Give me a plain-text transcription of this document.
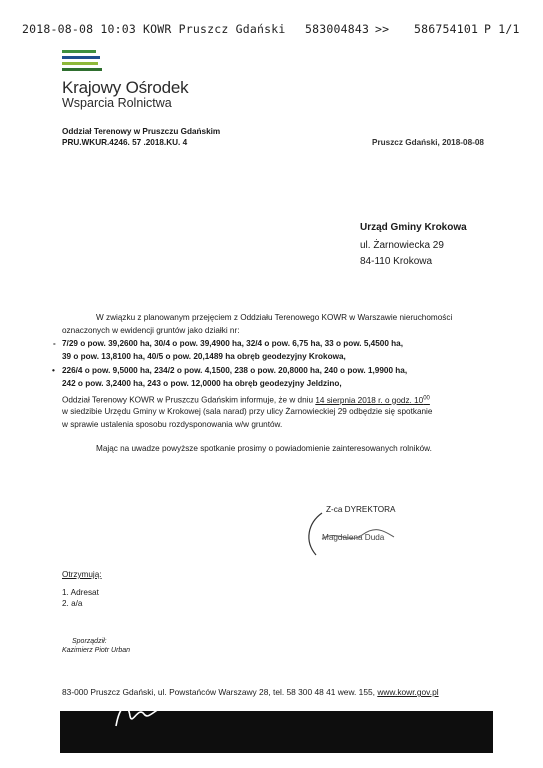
2018-08-08 10:03 KOWR Pruszcz Gdański 583004843 >> 586754101 P 1/1
Krajowy Ośrodek
Wsparcia Rolnictwa
Oddział Terenowy w Pruszczu Gdańskim
PRU.WKUR.4246. 57 .2018.KU. 4	Pruszcz Gdański, 2018-08-08
Urząd Gminy Krokowa
ul. Żarnowiecka 29
84-110 Krokowa
W związku z planowanym przejęciem z Oddziału Terenowego KOWR w Warszawie nieruchomości
oznaczonych w ewidencji gruntów jako działki nr:
- 7/29 o pow. 39,2600 ha, 30/4 o pow. 39,4900 ha, 32/4 o pow. 6,75 ha, 33 o pow. 5,4500 ha,
39 o pow. 13,8100 ha, 40/5 o pow. 20,1489 ha obręb geodezyjny Krokowa,
• 226/4 o pow. 9,5000 ha, 234/2 o pow. 4,1500, 238 o pow. 20,8000 ha, 240 o pow. 1,9900 ha,
242 o pow. 3,2400 ha, 243 o pow. 12,0000 ha obręb geodezyjny Jeldzino,
Oddział Terenowy KOWR w Pruszczu Gdańskim informuje, że w dniu 14 sierpnia 2018 r. o godz. $10^{00}$
w siedzibie Urzędu Gminy w Krokowej (sala narad) przy ulicy Żarnowieckiej 29 odbędzie się spotkanie
w sprawie ustalenia sposobu rozdysponowania w/w gruntów.
Mając na uwadze powyższe spotkanie prosimy o powiadomienie zainteresowanych rolników.
Z-ca DYREKTORA
Magdalena Duda
Otrzymują:
1. Adresat
2. a/a
Sporządził:
Kazimierz Piotr Urban
83-000 Pruszcz Gdański, ul. Powstańców Warszawy 28, tel. 58 300 48 41 wew. 155, www.kowr.gov.pl
